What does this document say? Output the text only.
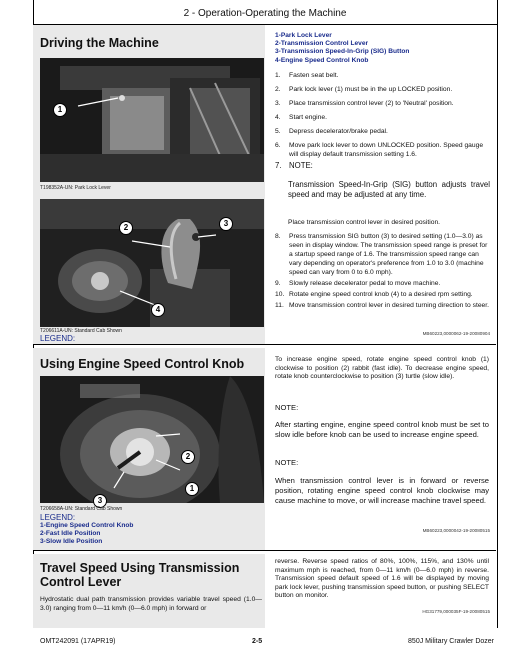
2 - Operation-Operating the Machine
Driving the Machine
1-Park Lock Lever
2-Transmission Control Lever
3-Transmission Speed-In-Grip (SIG) Button
4-Engine Speed Control Knob
1
T198352A-UN: Park Lock Lever
2	3
4
T206611A-UN: Standard Cab Shown
LEGEND:
1. Fasten seat belt.
2. Park lock lever (1) must be in the up LOCKED position.
3. Place transmission control lever (2) to 'Neutral' position.
4. Start engine.
5. Depress decelerator/brake pedal.
6. Move park lock lever to down UNLOCKED position. Speed gauge will display default transmission setting 1.6.
7. NOTE:
Transmission Speed-In-Grip (SIG) button adjusts travel speed and may be adjusted at any time.
Place transmission control lever in desired position.
8. Press transmission SIG button (3) to desired setting (1.0—3.0) as seen in display window. The transmission speed range is preset for a startup speed range of 1.6. The transmission speed range can vary depending on operator's preference from 1.0 to 3.0 (machine speed can vary from 0 to 6.0 mph).
9. Slowly release decelerator pedal to move machine.
10. Rotate engine speed control knob (4) to a desired rpm setting.
11. Move transmission control lever in desired turning direction to steer.
MB60223,0000062-19-20080904
Using Engine Speed Control Knob
2
1
3
T206658A-UN: Standard Cab Shown
LEGEND:
1-Engine Speed Control Knob
2-Fast Idle Position
3-Slow Idle Position
To increase engine speed, rotate engine speed control knob (1) clockwise to position (2) rabbit (fast idle). To decrease engine speed, rotate knob counterclockwise to position (3) turtle (slow idle).
NOTE:
After starting engine, engine speed control knob must be set to slow idle before knob can be used to increase engine speed.
NOTE:
When transmission control lever is in forward or reverse position, rotating engine speed control knob clockwise may cause machine to move, or will increase machine travel speed.
MB60223,0000042-19-20080515
Travel Speed Using Transmission Control Lever
Hydrostatic dual path transmission provides variable travel speed (1.0—3.0) ranging from 0—11 km/h (0—6.0 mph) in forward or
reverse. Reverse speed ratios of 80%, 100%, 115%, and 130% until maximum mph is reached, from 0—11 km/h (0—6.0 mph) in reverse. Transmission speed default speed of 1.6 will be displayed by moving park lock lever, pushing transmission speed button, or pushing SELECT button on monitor.
HG31779,000035F-19-20080515
OMT242091 (17APR19)	2-5	850J Military Crawler Dozer
